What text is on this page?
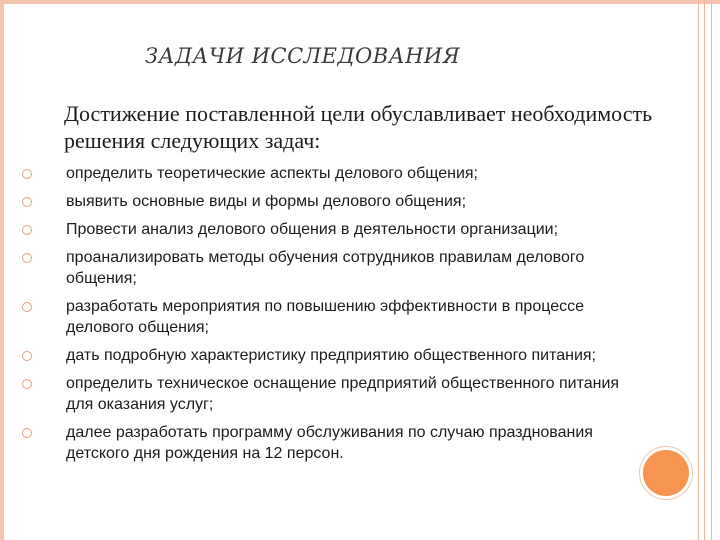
ЗАДАЧИ ИССЛЕДОВАНИЯ
Достижение поставленной цели обуславливает необходимость решения следующих задач:
определить теоретические аспекты делового общения;
выявить основные виды и формы делового общения;
Провести анализ делового общения в деятельности организации;
проанализировать методы обучения сотрудников правилам делового общения;
разработать мероприятия по повышению эффективности в процессе делового общения;
дать подробную характеристику предприятию общественного питания;
определить техническое оснащение предприятий общественного питания для оказания услуг;
далее разработать программу обслуживания по случаю празднования детского дня рождения на 12 персон.
